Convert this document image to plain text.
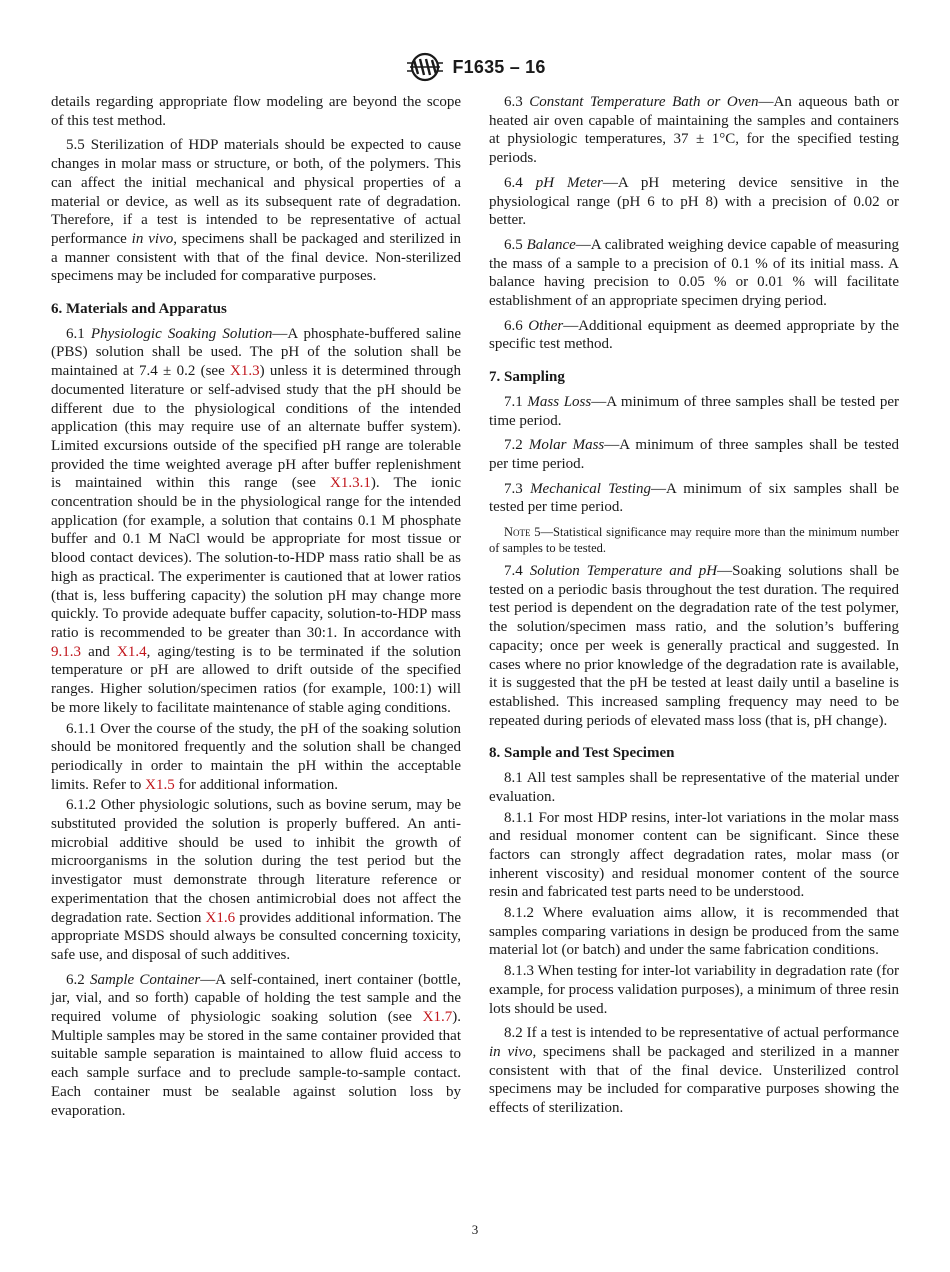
F1635 – 16

details regarding appropriate flow modeling are beyond the scope of this test method.

5.5 Sterilization of HDP materials should be expected to cause changes in molar mass or structure, or both, of the polymers. This can affect the initial mechanical and physical properties of a material or device, as well as its subsequent rate of degradation. Therefore, if a test is intended to be representative of actual performance in vivo, specimens shall be packaged and sterilized in a manner consistent with that of the final device. Non-sterilized specimens may be included for comparative purposes.

6. Materials and Apparatus

6.1 Physiologic Soaking Solution—A phosphate-buffered saline (PBS) solution shall be used. The pH of the solution shall be maintained at 7.4 ± 0.2 (see X1.3) unless it is determined through documented literature or self-advised study that the pH should be different due to the physiological conditions of the intended application (this may require use of an alternate buffer system). Limited excursions outside of the specified pH range are tolerable provided the time weighted average pH after buffer replenishment is maintained within this range (see X1.3.1). The ionic concentration should be in the physiological range for the intended application (for example, a solution that contains 0.1 M phosphate buffer and 0.1 M NaCl would be appropriate for most tissue or blood contact devices). The solution-to-HDP mass ratio shall be as high as practical. The experimenter is cautioned that at lower ratios (that is, less buffering capacity) the solution pH may change more quickly. To provide adequate buffer capacity, solution-to-HDP mass ratio is recommended to be greater than 30:1. In accordance with 9.1.3 and X1.4, aging/testing is to be terminated if the solution temperature or pH are allowed to drift outside of the specified ranges. Higher solution/specimen ratios (for example, 100:1) will be more likely to facilitate maintenance of stable aging conditions.

6.1.1 Over the course of the study, the pH of the soaking solution should be monitored frequently and the solution shall be changed periodically in order to maintain the pH within the acceptable limits. Refer to X1.5 for additional information.

6.1.2 Other physiologic solutions, such as bovine serum, may be substituted provided the solution is properly buffered. An anti-microbial additive should be used to inhibit the growth of microorganisms in the solution during the test period but the investigator must demonstrate through literature reference or experimentation that the chosen antimicrobial does not affect the degradation rate. Section X1.6 provides additional information. The appropriate MSDS should always be consulted concerning toxicity, safe use, and disposal of such additives.

6.2 Sample Container—A self-contained, inert container (bottle, jar, vial, and so forth) capable of holding the test sample and the required volume of physiologic soaking solution (see X1.7). Multiple samples may be stored in the same container provided that suitable sample separation is maintained to allow fluid access to each sample surface and to preclude sample-to-sample contact. Each container must be sealable against solution loss by evaporation.

6.3 Constant Temperature Bath or Oven—An aqueous bath or heated air oven capable of maintaining the samples and containers at physiologic temperatures, 37 ± 1°C, for the specified testing periods.

6.4 pH Meter—A pH metering device sensitive in the physiological range (pH 6 to pH 8) with a precision of 0.02 or better.

6.5 Balance—A calibrated weighing device capable of measuring the mass of a sample to a precision of 0.1 % of its initial mass. A balance having precision to 0.05 % or 0.01 % will facilitate establishment of an appropriate specimen drying period.

6.6 Other—Additional equipment as deemed appropriate by the specific test method.

7. Sampling

7.1 Mass Loss—A minimum of three samples shall be tested per time period.

7.2 Molar Mass—A minimum of three samples shall be tested per time period.

7.3 Mechanical Testing—A minimum of six samples shall be tested per time period.

Note 5—Statistical significance may require more than the minimum number of samples to be tested.

7.4 Solution Temperature and pH—Soaking solutions shall be tested on a periodic basis throughout the test duration. The required test period is dependent on the degradation rate of the test polymer, the solution/specimen mass ratio, and the solution’s buffering capacity; once per week is generally practical and suggested. In cases where no prior knowledge of the degradation rate is available, it is suggested that the pH be tested at least daily until a baseline is established. This increased sampling frequency may need to be repeated during periods of elevated mass loss (that is, pH change).

8. Sample and Test Specimen

8.1 All test samples shall be representative of the material under evaluation.

8.1.1 For most HDP resins, inter-lot variations in the molar mass and residual monomer content can be significant. Since these factors can strongly affect degradation rates, molar mass (or inherent viscosity) and residual monomer content of the source resin and fabricated test parts need to be understood.

8.1.2 Where evaluation aims allow, it is recommended that samples comparing variations in design be produced from the same material lot (or batch) and under the same fabrication conditions.

8.1.3 When testing for inter-lot variability in degradation rate (for example, for process validation purposes), a minimum of three resin lots should be used.

8.2 If a test is intended to be representative of actual performance in vivo, specimens shall be packaged and sterilized in a manner consistent with that of the final device. Unsterilized control specimens may be included for comparative purposes showing the effects of sterilization.

3
